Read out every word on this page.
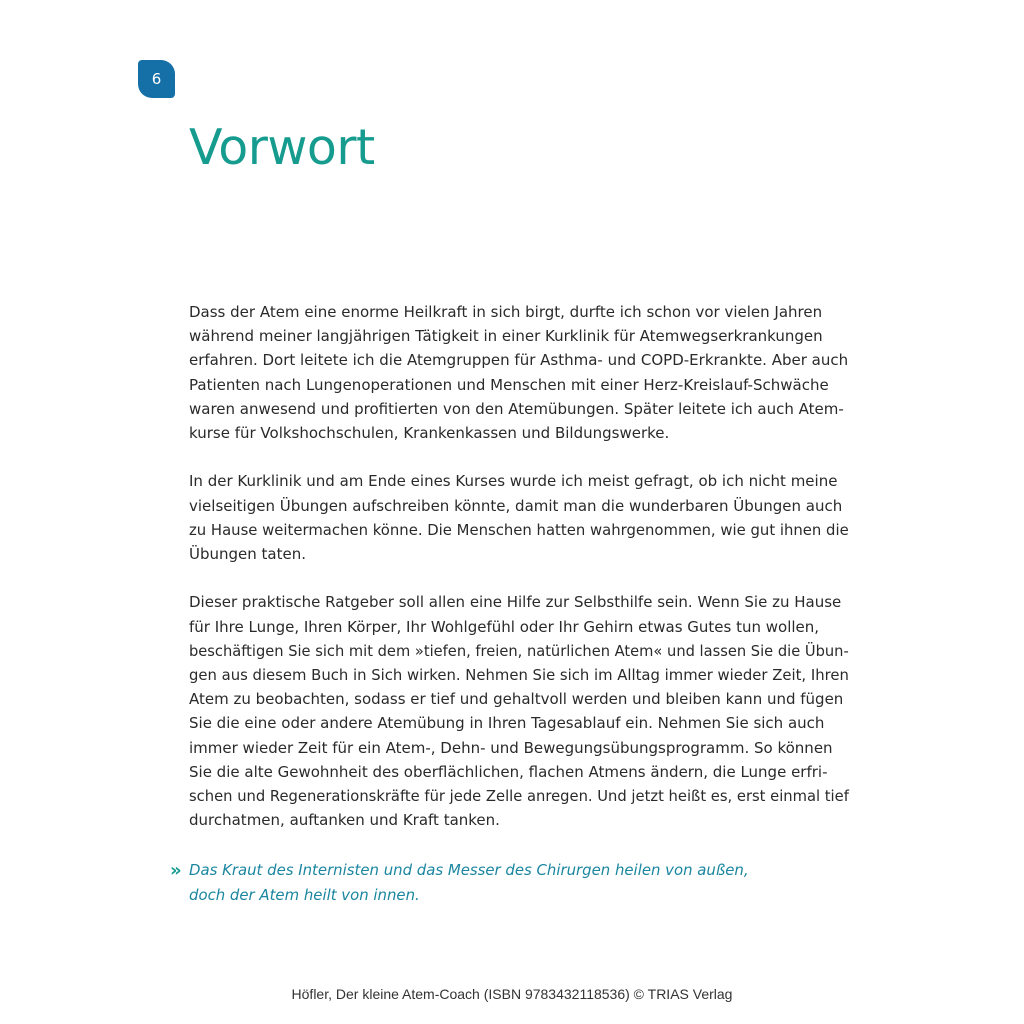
6
Vorwort

Dass der Atem eine enorme Heilkraft in sich birgt, durfte ich schon vor vielen Jahren
während meiner langjährigen Tätigkeit in einer Kurklinik für Atemwegserkrankungen
erfahren. Dort leitete ich die Atemgruppen für Asthma- und COPD-Erkrankte. Aber auch
Patienten nach Lungenoperationen und Menschen mit einer Herz-Kreislauf-Schwäche
waren anwesend und profitierten von den Atemübungen. Später leitete ich auch Atem-
kurse für Volkshochschulen, Krankenkassen und Bildungswerke.

In der Kurklinik und am Ende eines Kurses wurde ich meist gefragt, ob ich nicht meine
vielseitigen Übungen aufschreiben könnte, damit man die wunderbaren Übungen auch
zu Hause weitermachen könne. Die Menschen hatten wahrgenommen, wie gut ihnen die
Übungen taten.

Dieser praktische Ratgeber soll allen eine Hilfe zur Selbsthilfe sein. Wenn Sie zu Hause
für Ihre Lunge, Ihren Körper, Ihr Wohlgefühl oder Ihr Gehirn etwas Gutes tun wollen,
beschäftigen Sie sich mit dem »tiefen, freien, natürlichen Atem« und lassen Sie die Übun-
gen aus diesem Buch in Sich wirken. Nehmen Sie sich im Alltag immer wieder Zeit, Ihren
Atem zu beobachten, sodass er tief und gehaltvoll werden und bleiben kann und fügen
Sie die eine oder andere Atemübung in Ihren Tagesablauf ein. Nehmen Sie sich auch
immer wieder Zeit für ein Atem-, Dehn- und Bewegungsübungsprogramm. So können
Sie die alte Gewohnheit des oberflächlichen, flachen Atmens ändern, die Lunge erfri-
schen und Regenerationskräfte für jede Zelle anregen. Und jetzt heißt es, erst einmal tief
durchatmen, auftanken und Kraft tanken.

» Das Kraut des Internisten und das Messer des Chirurgen heilen von außen,
doch der Atem heilt von innen.
Höfler, Der kleine Atem-Coach (ISBN 9783432118536) © TRIAS Verlag
